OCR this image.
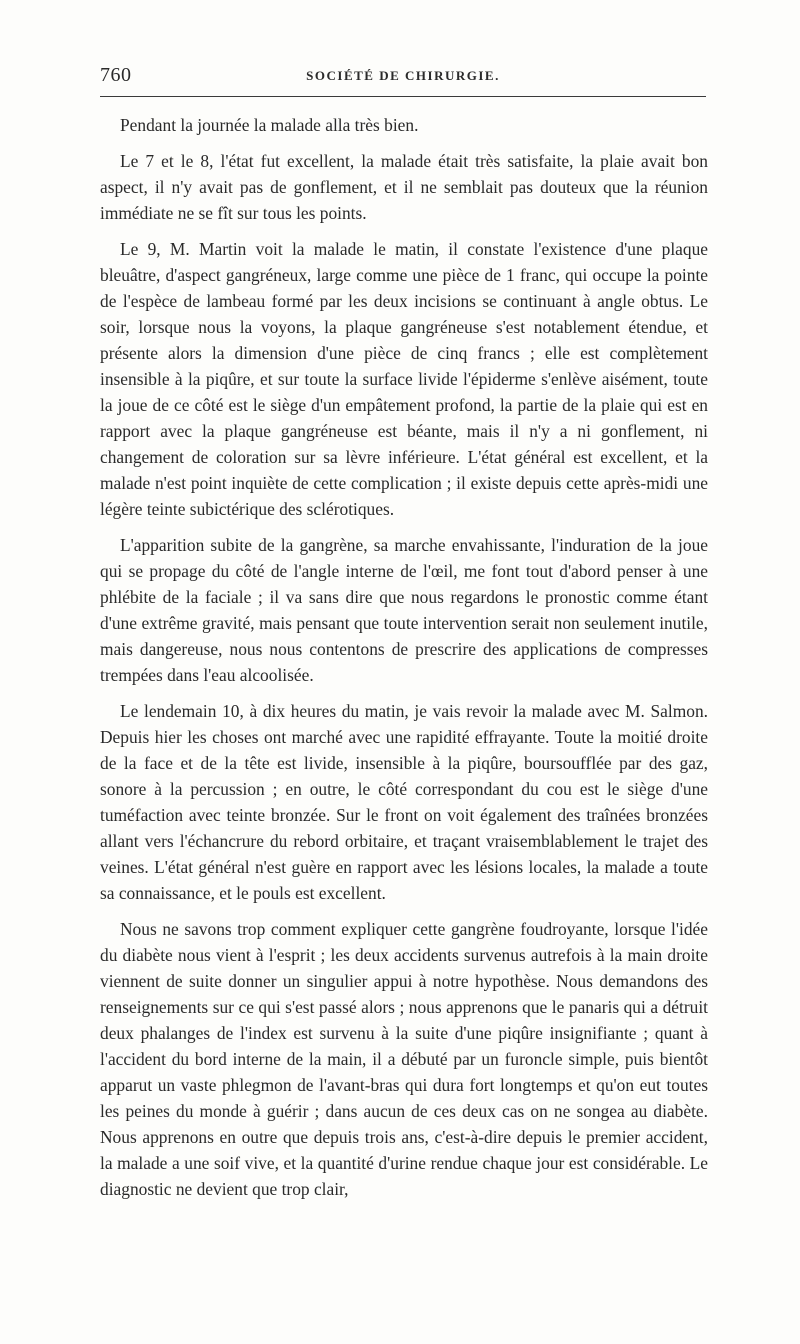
760	SOCIÉTÉ DE CHIRURGIE.

Pendant la journée la malade alla très bien.

Le 7 et le 8, l'état fut excellent, la malade était très satisfaite, la plaie avait bon aspect, il n'y avait pas de gonflement, et il ne semblait pas douteux que la réunion immédiate ne se fît sur tous les points.

Le 9, M. Martin voit la malade le matin, il constate l'existence d'une plaque bleuâtre, d'aspect gangréneux, large comme une pièce de 1 franc, qui occupe la pointe de l'espèce de lambeau formé par les deux incisions se continuant à angle obtus. Le soir, lorsque nous la voyons, la plaque gangréneuse s'est notablement étendue, et présente alors la dimension d'une pièce de cinq francs ; elle est complètement insensible à la piqûre, et sur toute la surface livide l'épiderme s'enlève aisément, toute la joue de ce côté est le siège d'un empâtement profond, la partie de la plaie qui est en rapport avec la plaque gangréneuse est béante, mais il n'y a ni gonflement, ni changement de coloration sur sa lèvre inférieure. L'état général est excellent, et la malade n'est point inquiète de cette complication ; il existe depuis cette après-midi une légère teinte subictérique des sclérotiques.

L'apparition subite de la gangrène, sa marche envahissante, l'induration de la joue qui se propage du côté de l'angle interne de l'œil, me font tout d'abord penser à une phlébite de la faciale ; il va sans dire que nous regardons le pronostic comme étant d'une extrême gravité, mais pensant que toute intervention serait non seulement inutile, mais dangereuse, nous nous contentons de prescrire des applications de compresses trempées dans l'eau alcoolisée.

Le lendemain 10, à dix heures du matin, je vais revoir la malade avec M. Salmon. Depuis hier les choses ont marché avec une rapidité effrayante. Toute la moitié droite de la face et de la tête est livide, insensible à la piqûre, boursoufflée par des gaz, sonore à la percussion ; en outre, le côté correspondant du cou est le siège d'une tuméfaction avec teinte bronzée. Sur le front on voit également des traînées bronzées allant vers l'échancrure du rebord orbitaire, et traçant vraisemblablement le trajet des veines. L'état général n'est guère en rapport avec les lésions locales, la malade a toute sa connaissance, et le pouls est excellent.

Nous ne savons trop comment expliquer cette gangrène foudroyante, lorsque l'idée du diabète nous vient à l'esprit ; les deux accidents survenus autrefois à la main droite viennent de suite donner un singulier appui à notre hypothèse. Nous demandons des renseignements sur ce qui s'est passé alors ; nous apprenons que le panaris qui a détruit deux phalanges de l'index est survenu à la suite d'une piqûre insignifiante ; quant à l'accident du bord interne de la main, il a débuté par un furoncle simple, puis bientôt apparut un vaste phlegmon de l'avant-bras qui dura fort longtemps et qu'on eut toutes les peines du monde à guérir ; dans aucun de ces deux cas on ne songea au diabète. Nous apprenons en outre que depuis trois ans, c'est-à-dire depuis le premier accident, la malade a une soif vive, et la quantité d'urine rendue chaque jour est considérable. Le diagnostic ne devient que trop clair,
